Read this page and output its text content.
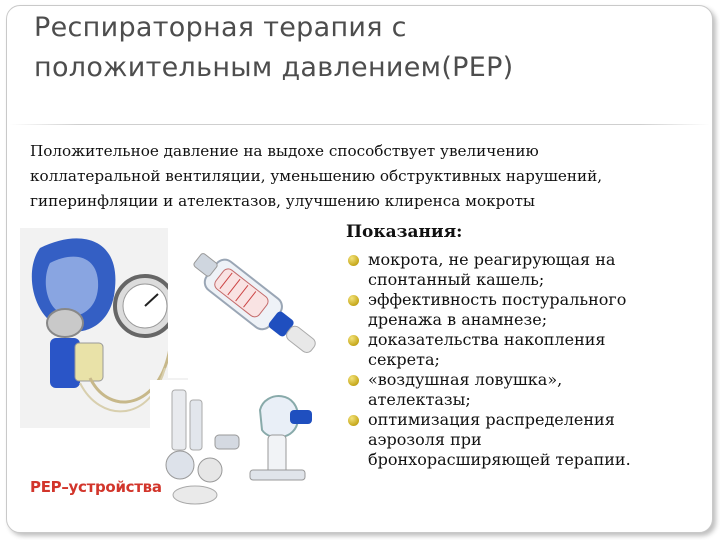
Респираторная терапия с
положительным давлением(PEP)
Положительное давление на выдохе способствует увеличению
коллатеральной вентиляции, уменьшению обструктивных нарушений,
гиперинфляции и ателектазов, улучшению клиренса мокроты
PEP–устройства
Показания:
мокрота, не реагирующая на
спонтанный кашель;
эффективность постурального
дренажа в анамнезе;
доказательства накопления
секрета;
«воздушная ловушка»,
ателектазы;
оптимизация распределения
аэрозоля при
бронхорасширяющей терапии.
